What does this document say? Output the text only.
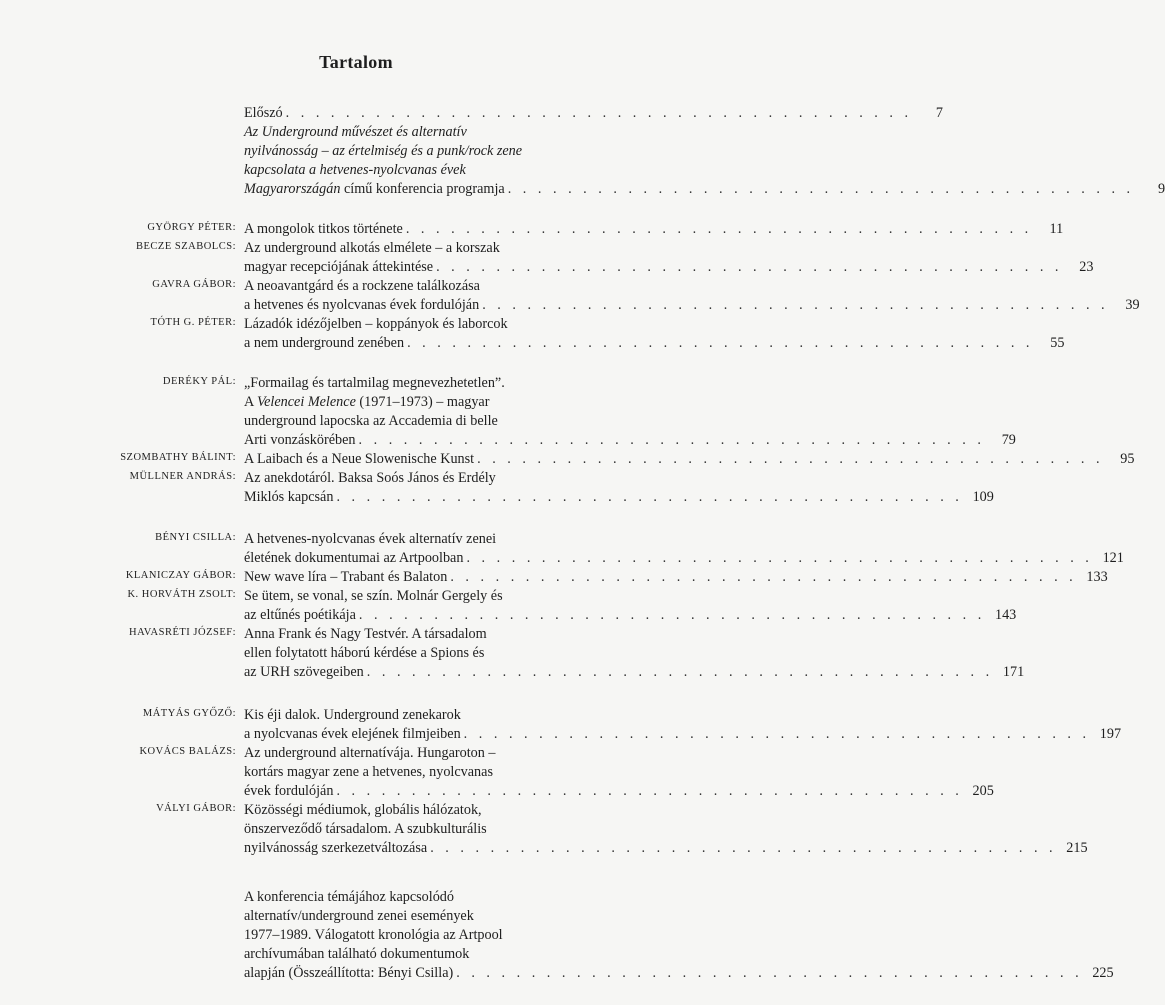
Tartalom
Előszó . . . . . . . . . . . . . . . . . . . . . . . . . . . . . . . . . . . . . . . . . .	7
Az Underground művészet és alternatív
nyilvánosság – az értelmiség és a punk/rock zene
kapcsolata a hetvenes-nyolcvanas évek
Magyarországán című konferencia programja . . . . . . . . . . . . . . . . . . . . . . . . . . . . . . . . . . . . . . . . . .	9
GYÖRGY PÉTER: A mongolok titkos története . . . . . . . . . . . . . . . . . . . . . . . . . . . . . . . . . . . . . . . . . .	11
BECZE SZABOLCS: Az underground alkotás elmélete – a korszak
magyar recepciójának áttekintése . . . . . . . . . . . . . . . . . . . . . . . . . . . . . . . . . . . . . . . . . .	23
GAVRA GÁBOR: A neoavantgárd és a rockzene találkozása
a hetvenes és nyolcvanas évek fordulóján . . . . . . . . . . . . . . . . . . . . . . . . . . . . . . . . . . . . . . . . . .	39
TÓTH G. PÉTER: Lázadók idézőjelben – koppányok és laborcok
a nem underground zenében . . . . . . . . . . . . . . . . . . . . . . . . . . . . . . . . . . . . . . . . . .	55
DERÉKY PÁL: „Formailag és tartalmilag megnevezhetetlen”.
A Velencei Melence (1971–1973) – magyar
underground lapocska az Accademia di belle
Arti vonzáskörében . . . . . . . . . . . . . . . . . . . . . . . . . . . . . . . . . . . . . . . . . .	79
SZOMBATHY BÁLINT: A Laibach és a Neue Slowenische Kunst . . . . . . . . . . . . . . . . . . . . . . . . . . . . . . . . . . . . . . . . . .	95
MÜLLNER ANDRÁS: Az anekdotáról. Baksa Soós János és Erdély
Miklós kapcsán . . . . . . . . . . . . . . . . . . . . . . . . . . . . . . . . . . . . . . . . . . 109
BÉNYI CSILLA: A hetvenes-nyolcvanas évek alternatív zenei
életének dokumentumai az Artpoolban . . . . . . . . . . . . . . . . . . . . . . . . . . . . . . . . . . . . . . . . . . 121
KLANICZAY GÁBOR: New wave líra – Trabant és Balaton . . . . . . . . . . . . . . . . . . . . . . . . . . . . . . . . . . . . . . . . . . 133
K. HORVÁTH ZSOLT: Se ütem, se vonal, se szín. Molnár Gergely és
az eltűnés poétikája . . . . . . . . . . . . . . . . . . . . . . . . . . . . . . . . . . . . . . . . . . 143
HAVASRÉTI JÓZSEF: Anna Frank és Nagy Testvér. A társadalom
ellen folytatott háború kérdése a Spions és
az URH szövegeiben . . . . . . . . . . . . . . . . . . . . . . . . . . . . . . . . . . . . . . . . . . 171
MÁTYÁS GYŐZŐ: Kis éji dalok. Underground zenekarok
a nyolcvanas évek elejének filmjeiben . . . . . . . . . . . . . . . . . . . . . . . . . . . . . . . . . . . . . . . . . . 197
KOVÁCS BALÁZS: Az underground alternatívája. Hungaroton –
kortárs magyar zene a hetvenes, nyolcvanas
évek fordulóján . . . . . . . . . . . . . . . . . . . . . . . . . . . . . . . . . . . . . . . . . . 205
VÁLYI GÁBOR: Közösségi médiumok, globális hálózatok,
önszerveződő társadalom. A szubkulturális
nyilvánosság szerkezetváltozása . . . . . . . . . . . . . . . . . . . . . . . . . . . . . . . . . . . . . . . . . . 215
A konferencia témájához kapcsolódó
alternatív/underground zenei események
1977–1989. Válogatott kronológia az Artpool
archívumában található dokumentumok
alapján (Összeállította: Bényi Csilla) . . . . . . . . . . . . . . . . . . . . . . . . . . . . . . . . . . . . . . . . . . 225
